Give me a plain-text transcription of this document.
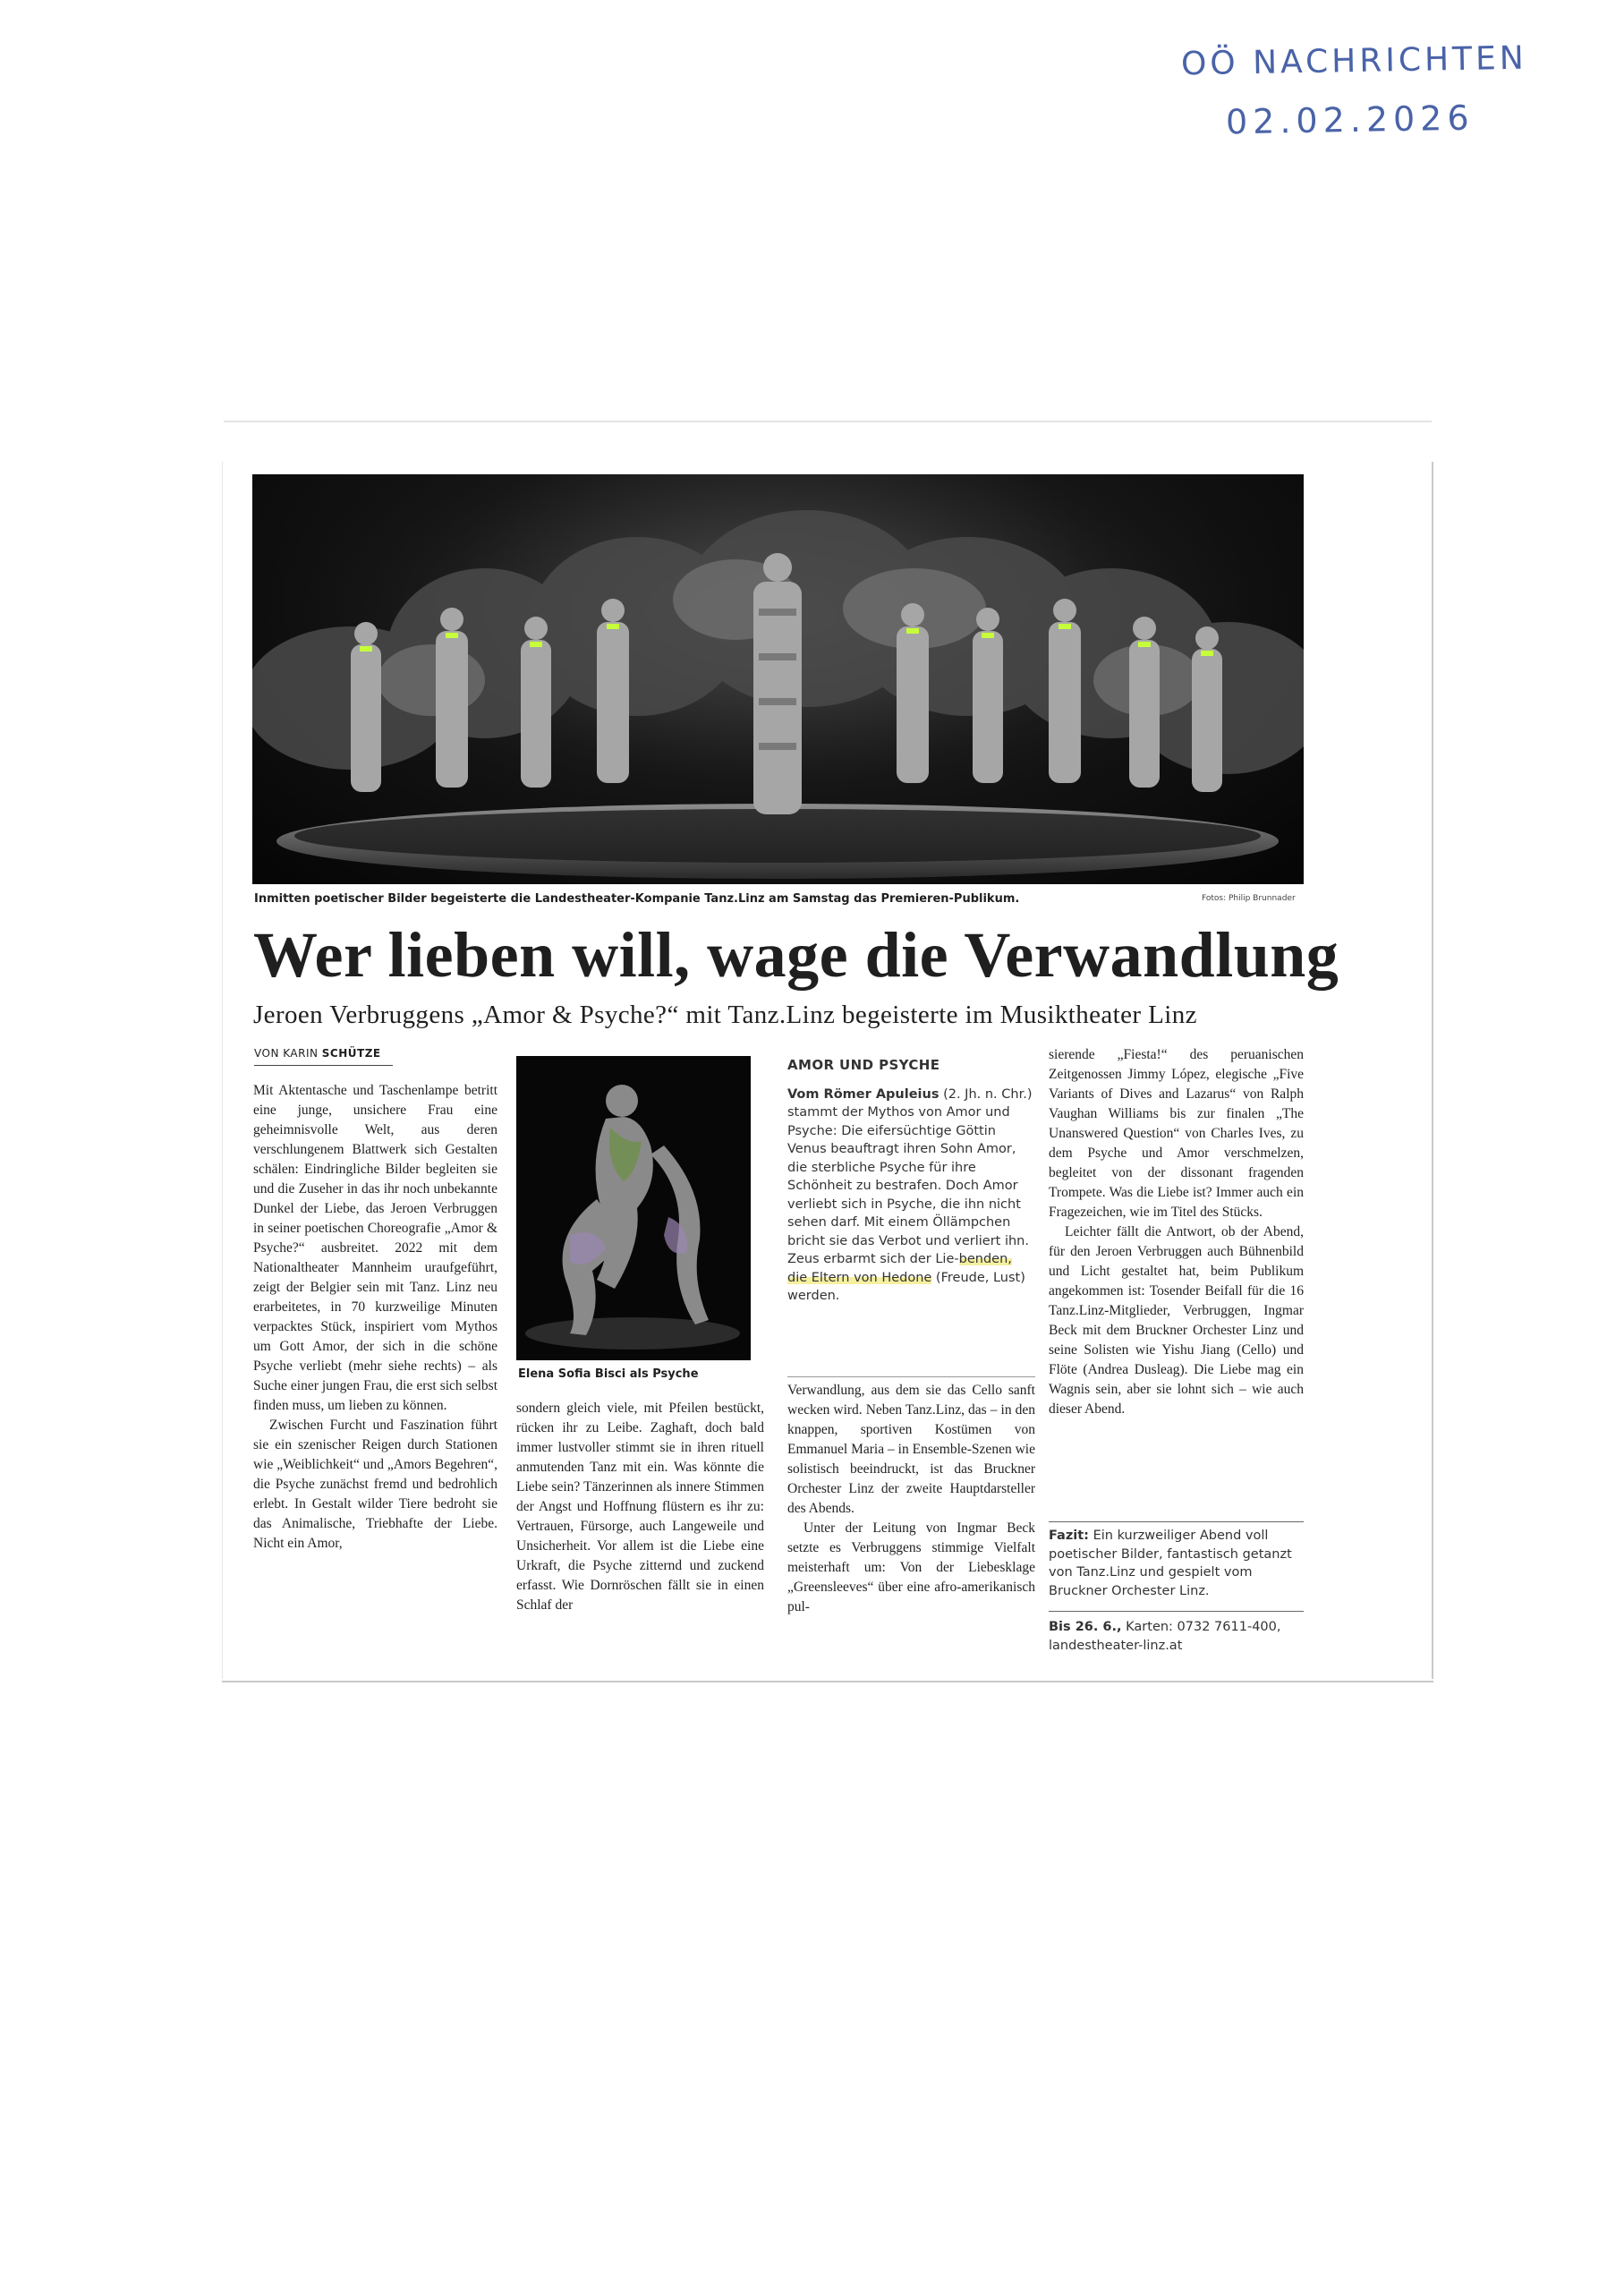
OÖ NACHRICHTEN
02.02.2026
Inmitten poetischer Bilder begeisterte die Landestheater-Kompanie Tanz.Linz am Samstag das Premieren-Publikum.	Fotos: Philip Brunnader
Wer lieben will, wage die Verwandlung
Jeroen Verbruggens „Amor & Psyche?“ mit Tanz.Linz begeisterte im Musiktheater Linz
VON KARIN SCHÜTZE

Mit Aktentasche und Taschenlampe betritt eine junge, unsichere Frau eine geheimnisvolle Welt, aus deren verschlungenem Blattwerk sich Gestalten schälen: Eindringliche Bilder begleiten sie und die Zuseher in das ihr noch unbekannte Dunkel der Liebe, das Jeroen Verbruggen in seiner poetischen Choreografie „Amor & Psyche?“ ausbreitet. 2022 mit dem Nationaltheater Mannheim uraufgeführt, zeigt der Belgier sein mit Tanz. Linz neu erarbeitetes, in 70 kurzweilige Minuten verpacktes Stück, inspiriert vom Mythos um Gott Amor, der sich in die schöne Psyche verliebt (mehr siehe rechts) – als Suche einer jungen Frau, die erst sich selbst finden muss, um lieben zu können.

Zwischen Furcht und Faszination führt sie ein szenischer Reigen durch Stationen wie „Weiblichkeit“ und „Amors Begehren“, die Psyche zunächst fremd und bedrohlich erlebt. In Gestalt wilder Tiere bedroht sie das Animalische, Triebhafte der Liebe. Nicht ein Amor,

Elena Sofia Bisci als Psyche

sondern gleich viele, mit Pfeilen bestückt, rücken ihr zu Leibe. Zaghaft, doch bald immer lustvoller stimmt sie in ihren rituell anmutenden Tanz mit ein. Was könnte die Liebe sein? Tänzerinnen als innere Stimmen der Angst und Hoffnung flüstern es ihr zu: Vertrauen, Fürsorge, auch Langeweile und Unsicherheit. Vor allem ist die Liebe eine Urkraft, die Psyche zitternd und zuckend erfasst. Wie Dornröschen fällt sie in einen Schlaf der

AMOR UND PSYCHE

Vom Römer Apuleius (2. Jh. n. Chr.) stammt der Mythos von Amor und Psyche: Die eifersüchtige Göttin Venus beauftragt ihren Sohn Amor, die sterbliche Psyche für ihre Schönheit zu bestrafen. Doch Amor verliebt sich in Psyche, die ihn nicht sehen darf. Mit einem Öllämpchen bricht sie das Verbot und verliert ihn. Zeus erbarmt sich der Lie-benden, die Eltern von Hedone (Freude, Lust) werden.

Verwandlung, aus dem sie das Cello sanft wecken wird. Neben Tanz.Linz, das – in den knappen, sportiven Kostümen von Emmanuel Maria – in Ensemble-Szenen wie solistisch beeindruckt, ist das Bruckner Orchester Linz der zweite Hauptdarsteller des Abends.

Unter der Leitung von Ingmar Beck setzte es Verbruggens stimmige Vielfalt meisterhaft um: Von der Liebesklage „Greensleeves“ über eine afro-amerikanisch pul-

sierende „Fiesta!“ des peruanischen Zeitgenossen Jimmy López, elegische „Five Variants of Dives and Lazarus“ von Ralph Vaughan Williams bis zur finalen „The Unanswered Question“ von Charles Ives, zu dem Psyche und Amor verschmelzen, begleitet von der dissonant fragenden Trompete. Was die Liebe ist? Immer auch ein Fragezeichen, wie im Titel des Stücks.

Leichter fällt die Antwort, ob der Abend, für den Jeroen Verbruggen auch Bühnenbild und Licht gestaltet hat, beim Publikum angekommen ist: Tosender Beifall für die 16 Tanz.Linz-Mitglieder, Verbruggen, Ingmar Beck mit dem Bruckner Orchester Linz und seine Solisten wie Yishu Jiang (Cello) und Flöte (Andrea Dusleag). Die Liebe mag ein Wagnis sein, aber sie lohnt sich – wie auch dieser Abend.

Fazit: Ein kurzweiliger Abend voll poetischer Bilder, fantastisch getanzt von Tanz.Linz und gespielt vom Bruckner Orchester Linz.
Bis 26. 6., Karten: 0732 7611-400, landestheater-linz.at
